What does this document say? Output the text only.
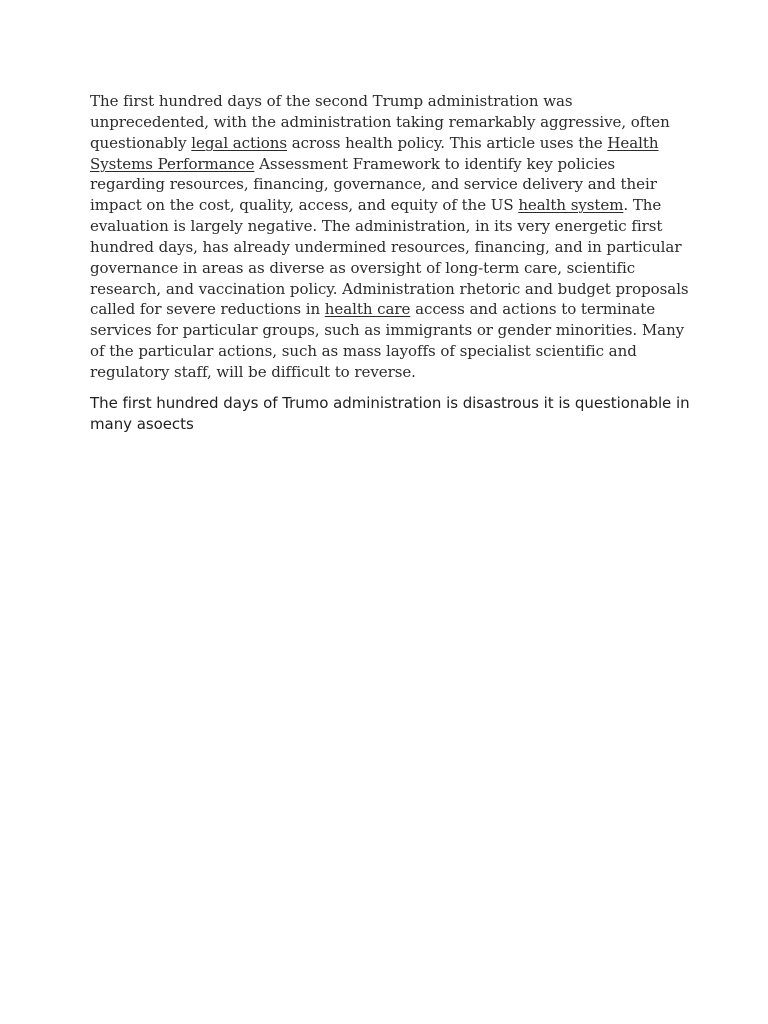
The first hundred days of the second Trump administration was unprecedented, with the administration taking remarkably aggressive, often questionably legal actions across health policy. This article uses the Health Systems Performance Assessment Framework to identify key policies regarding resources, financing, governance, and service delivery and their impact on the cost, quality, access, and equity of the US health system. The evaluation is largely negative. The administration, in its very energetic first hundred days, has already undermined resources, financing, and in particular governance in areas as diverse as oversight of long-term care, scientific research, and vaccination policy. Administration rhetoric and budget proposals called for severe reductions in health care access and actions to terminate services for particular groups, such as immigrants or gender minorities. Many of the particular actions, such as mass layoffs of specialist scientific and regulatory staff, will be difficult to reverse.

The first hundred days of Trumo administration is disastrous it is questionable in many asoects
